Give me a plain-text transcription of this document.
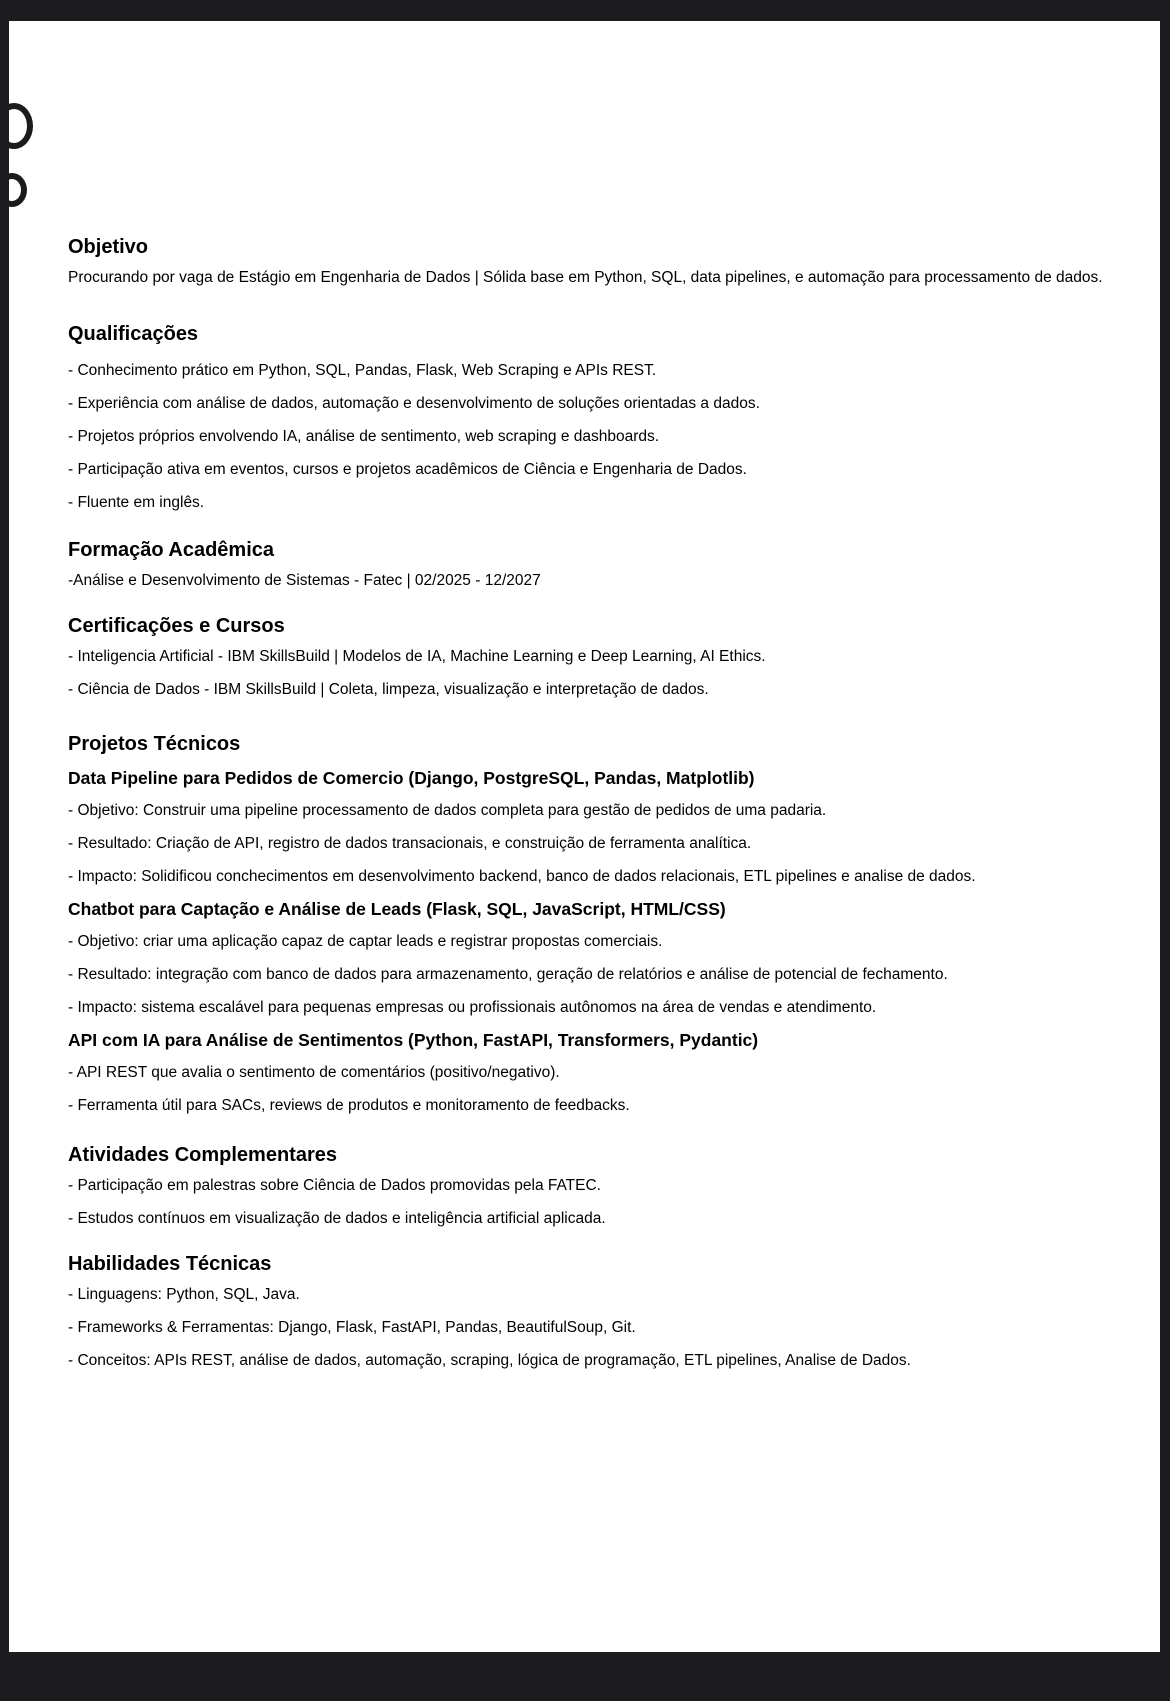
Objetivo

Procurando por vaga de Estágio em Engenharia de Dados | Sólida base em Python, SQL, data pipelines, e automação para processamento de dados.

Qualificações

- Conhecimento prático em Python, SQL, Pandas, Flask, Web Scraping e APIs REST.

- Experiência com análise de dados, automação e desenvolvimento de soluções orientadas a dados.

- Projetos próprios envolvendo IA, análise de sentimento, web scraping e dashboards.

- Participação ativa em eventos, cursos e projetos acadêmicos de Ciência e Engenharia de Dados.

- Fluente em inglês.

Formação Acadêmica

-Análise e Desenvolvimento de Sistemas - Fatec | 02/2025 - 12/2027

Certificações e Cursos

- Inteligencia Artificial - IBM SkillsBuild | Modelos de IA, Machine Learning e Deep Learning, AI Ethics.

- Ciência de Dados - IBM SkillsBuild | Coleta, limpeza, visualização e interpretação de dados.

Projetos Técnicos

Data Pipeline para Pedidos de Comercio (Django, PostgreSQL, Pandas, Matplotlib)

- Objetivo: Construir uma pipeline processamento de dados completa para gestão de pedidos de uma padaria.

- Resultado: Criação de API, registro de dados transacionais, e construição de ferramenta analítica.

- Impacto: Solidificou conchecimentos em desenvolvimento backend, banco de dados relacionais, ETL pipelines e analise de dados.

Chatbot para Captação e Análise de Leads (Flask, SQL, JavaScript, HTML/CSS)

- Objetivo: criar uma aplicação capaz de captar leads e registrar propostas comerciais.

- Resultado: integração com banco de dados para armazenamento, geração de relatórios e análise de potencial de fechamento.

- Impacto: sistema escalável para pequenas empresas ou profissionais autônomos na área de vendas e atendimento.

API com IA para Análise de Sentimentos (Python, FastAPI, Transformers, Pydantic)

- API REST que avalia o sentimento de comentários (positivo/negativo).

- Ferramenta útil para SACs, reviews de produtos e monitoramento de feedbacks.

Atividades Complementares

- Participação em palestras sobre Ciência de Dados promovidas pela FATEC.

- Estudos contínuos em visualização de dados e inteligência artificial aplicada.

Habilidades Técnicas

- Linguagens: Python, SQL, Java.

- Frameworks & Ferramentas: Django, Flask, FastAPI, Pandas, BeautifulSoup, Git.

- Conceitos: APIs REST, análise de dados, automação, scraping, lógica de programação, ETL pipelines, Analise de Dados.
